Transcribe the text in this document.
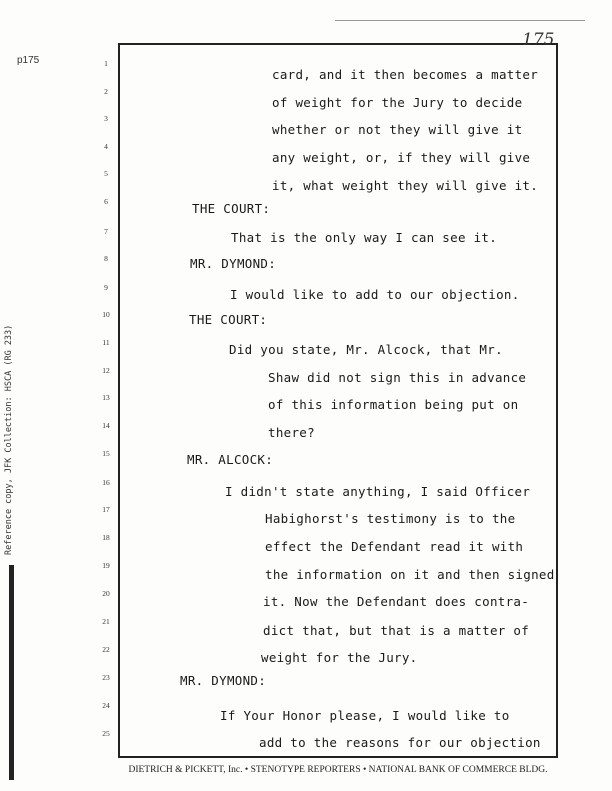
175
p175
Reference copy, JFK Collection: HSCA (RG 233)
1
2
3
4
5
6
7
8
9
10
11
12
13
14
15
16
17
18
19
20
21
22
23
24
25
card, and it then becomes a matter
of weight for the Jury to decide
whether or not they will give it
any weight, or, if they will give
it, what weight they will give it.
THE COURT:
That is the only way I can see it.
MR. DYMOND:
I would like to add to our objection.
THE COURT:
Did you state, Mr. Alcock, that Mr.
Shaw did not sign this in advance
of this information being put on
there?
MR. ALCOCK:
I didn't state anything, I said Officer
Habighorst's testimony is to the
effect the Defendant read it with
the information on it and then signed
it. Now the Defendant does contra-
dict that, but that is a matter of
weight for the Jury.
MR. DYMOND:
If Your Honor please, I would like to
add to the reasons for our objection
DIETRICH & PICKETT, Inc. • STENOTYPE REPORTERS • NATIONAL BANK OF COMMERCE BLDG.
